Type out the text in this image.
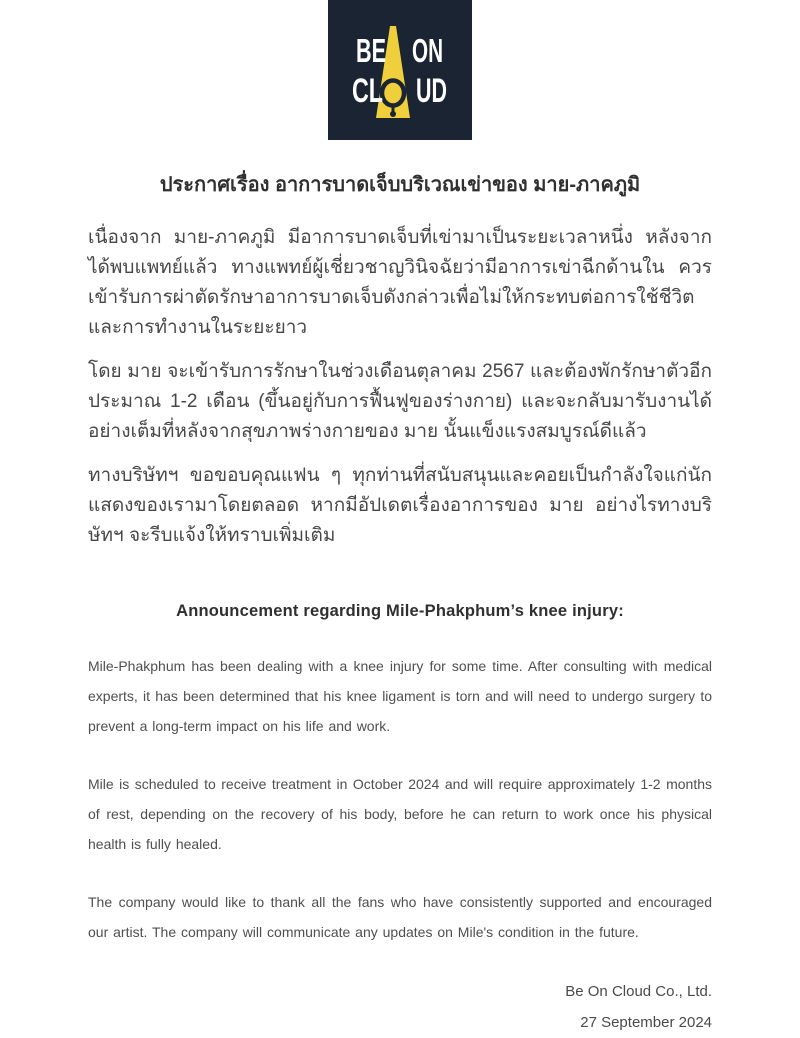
BE ON
CL UD
ประกาศเรื่อง อาการบาดเจ็บบริเวณเข่าของ มาย-ภาคภูมิ

เนื่องจาก มาย-ภาคภูมิ มีอาการบาดเจ็บที่เข่ามาเป็นระยะเวลาหนึ่ง หลังจากได้พบแพทย์แล้ว ทางแพทย์ผู้เชี่ยวชาญวินิจฉัยว่ามีอาการเข่าฉีกด้านใน ควรเข้ารับการผ่าตัดรักษาอาการบาดเจ็บดังกล่าวเพื่อไม่ให้กระทบต่อการใช้ชีวิตและการทำงานในระยะยาว

โดย มาย จะเข้ารับการรักษาในช่วงเดือนตุลาคม 2567 และต้องพักรักษาตัวอีกประมาณ 1-2 เดือน (ขึ้นอยู่กับการฟื้นฟูของร่างกาย) และจะกลับมารับงานได้อย่างเต็มที่หลังจากสุขภาพร่างกายของ มาย นั้นแข็งแรงสมบูรณ์ดีแล้ว

ทางบริษัทฯ ขอขอบคุณแฟน ๆ ทุกท่านที่สนับสนุนและคอยเป็นกำลังใจแก่นักแสดงของเรามาโดยตลอด หากมีอัปเดตเรื่องอาการของ มาย อย่างไรทางบริษัทฯ จะรีบแจ้งให้ทราบเพิ่มเติม

Announcement regarding Mile-Phakphum’s knee injury:

Mile-Phakphum has been dealing with a knee injury for some time. After consulting with medical experts, it has been determined that his knee ligament is torn and will need to undergo surgery to prevent a long-term impact on his life and work.

Mile is scheduled to receive treatment in October 2024 and will require approximately 1-2 months of rest, depending on the recovery of his body, before he can return to work once his physical health is fully healed.

The company would like to thank all the fans who have consistently supported and encouraged our artist. The company will communicate any updates on Mile's condition in the future.

Be On Cloud Co., Ltd.
27 September 2024
